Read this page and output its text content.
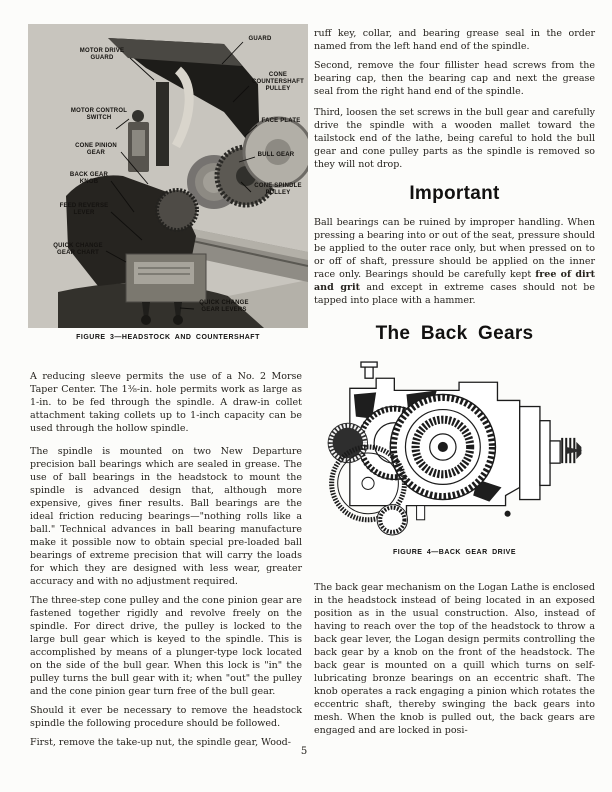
MOTOR DRIVE GUARD
MOTOR CONTROL SWITCH
CONE PINION GEAR
BACK GEAR KNOB
FEED REVERSE LEVER
QUICK CHANGE GEAR CHART
GUARD
CONE COUNTERSHAFT PULLEY
FACE PLATE
BULL GEAR
CONE SPINDLE PULLEY
QUICK CHANGE GEAR LEVERS
FIGURE 3—HEADSTOCK AND COUNTERSHAFT

A reducing sleeve permits the use of a No. 2 Morse Taper Center. The 1⅜-in. hole permits work as large as 1-in. to be fed through the spindle. A draw-in collet attachment taking collets up to 1-inch capacity can be used through the hollow spindle.

The spindle is mounted on two New Departure precision ball bearings which are sealed in grease. The use of ball bearings in the headstock to mount the spindle is advanced design that, although more expensive, gives finer results. Ball bearings are the ideal friction reducing bearings—"nothing rolls like a ball." Technical advances in ball bearing manufacture make it possible now to obtain special pre-loaded ball bearings of extreme precision that will carry the loads for which they are designed with less wear, greater accuracy and with no adjustment required.

The three-step cone pulley and the cone pinion gear are fastened together rigidly and revolve freely on the spindle. For direct drive, the pulley is locked to the large bull gear which is keyed to the spindle. This is accomplished by means of a plunger-type lock located on the side of the bull gear. When this lock is "in" the pulley turns the bull gear with it; when "out" the pulley and the cone pinion gear turn free of the bull gear.

Should it ever be necessary to remove the headstock spindle the following procedure should be followed.

First, remove the take-up nut, the spindle gear, Wood-

ruff key, collar, and bearing grease seal in the order named from the left hand end of the spindle.

Second, remove the four fillister head screws from the bearing cap, then the bearing cap and next the grease seal from the right hand end of the spindle.

Third, loosen the set screws in the bull gear and carefully drive the spindle with a wooden mallet toward the tailstock end of the lathe, being careful to hold the bull gear and cone pulley parts as the spindle is removed so they will not drop.

Important

Ball bearings can be ruined by improper handling. When pressing a bearing into or out of the seat, pressure should be applied to the outer race only, but when pressed on to or off of shaft, pressure should be applied on the inner race only. Bearings should be carefully kept free of dirt and grit and except in extreme cases should not be tapped into place with a hammer.

The Back Gears
FIGURE 4—BACK GEAR DRIVE

The back gear mechanism on the Logan Lathe is enclosed in the headstock instead of being located in an exposed position as in the usual construction. Also, instead of having to reach over the top of the headstock to throw a back gear lever, the Logan design permits controlling the back gear by a knob on the front of the headstock. The back gear is mounted on a quill which turns on self-lubricating bronze bearings on an eccentric shaft. The knob operates a rack engaging a pinion which rotates the eccentric shaft, thereby swinging the back gears into mesh. When the knob is pulled out, the back gears are engaged and are locked in posi-

5
